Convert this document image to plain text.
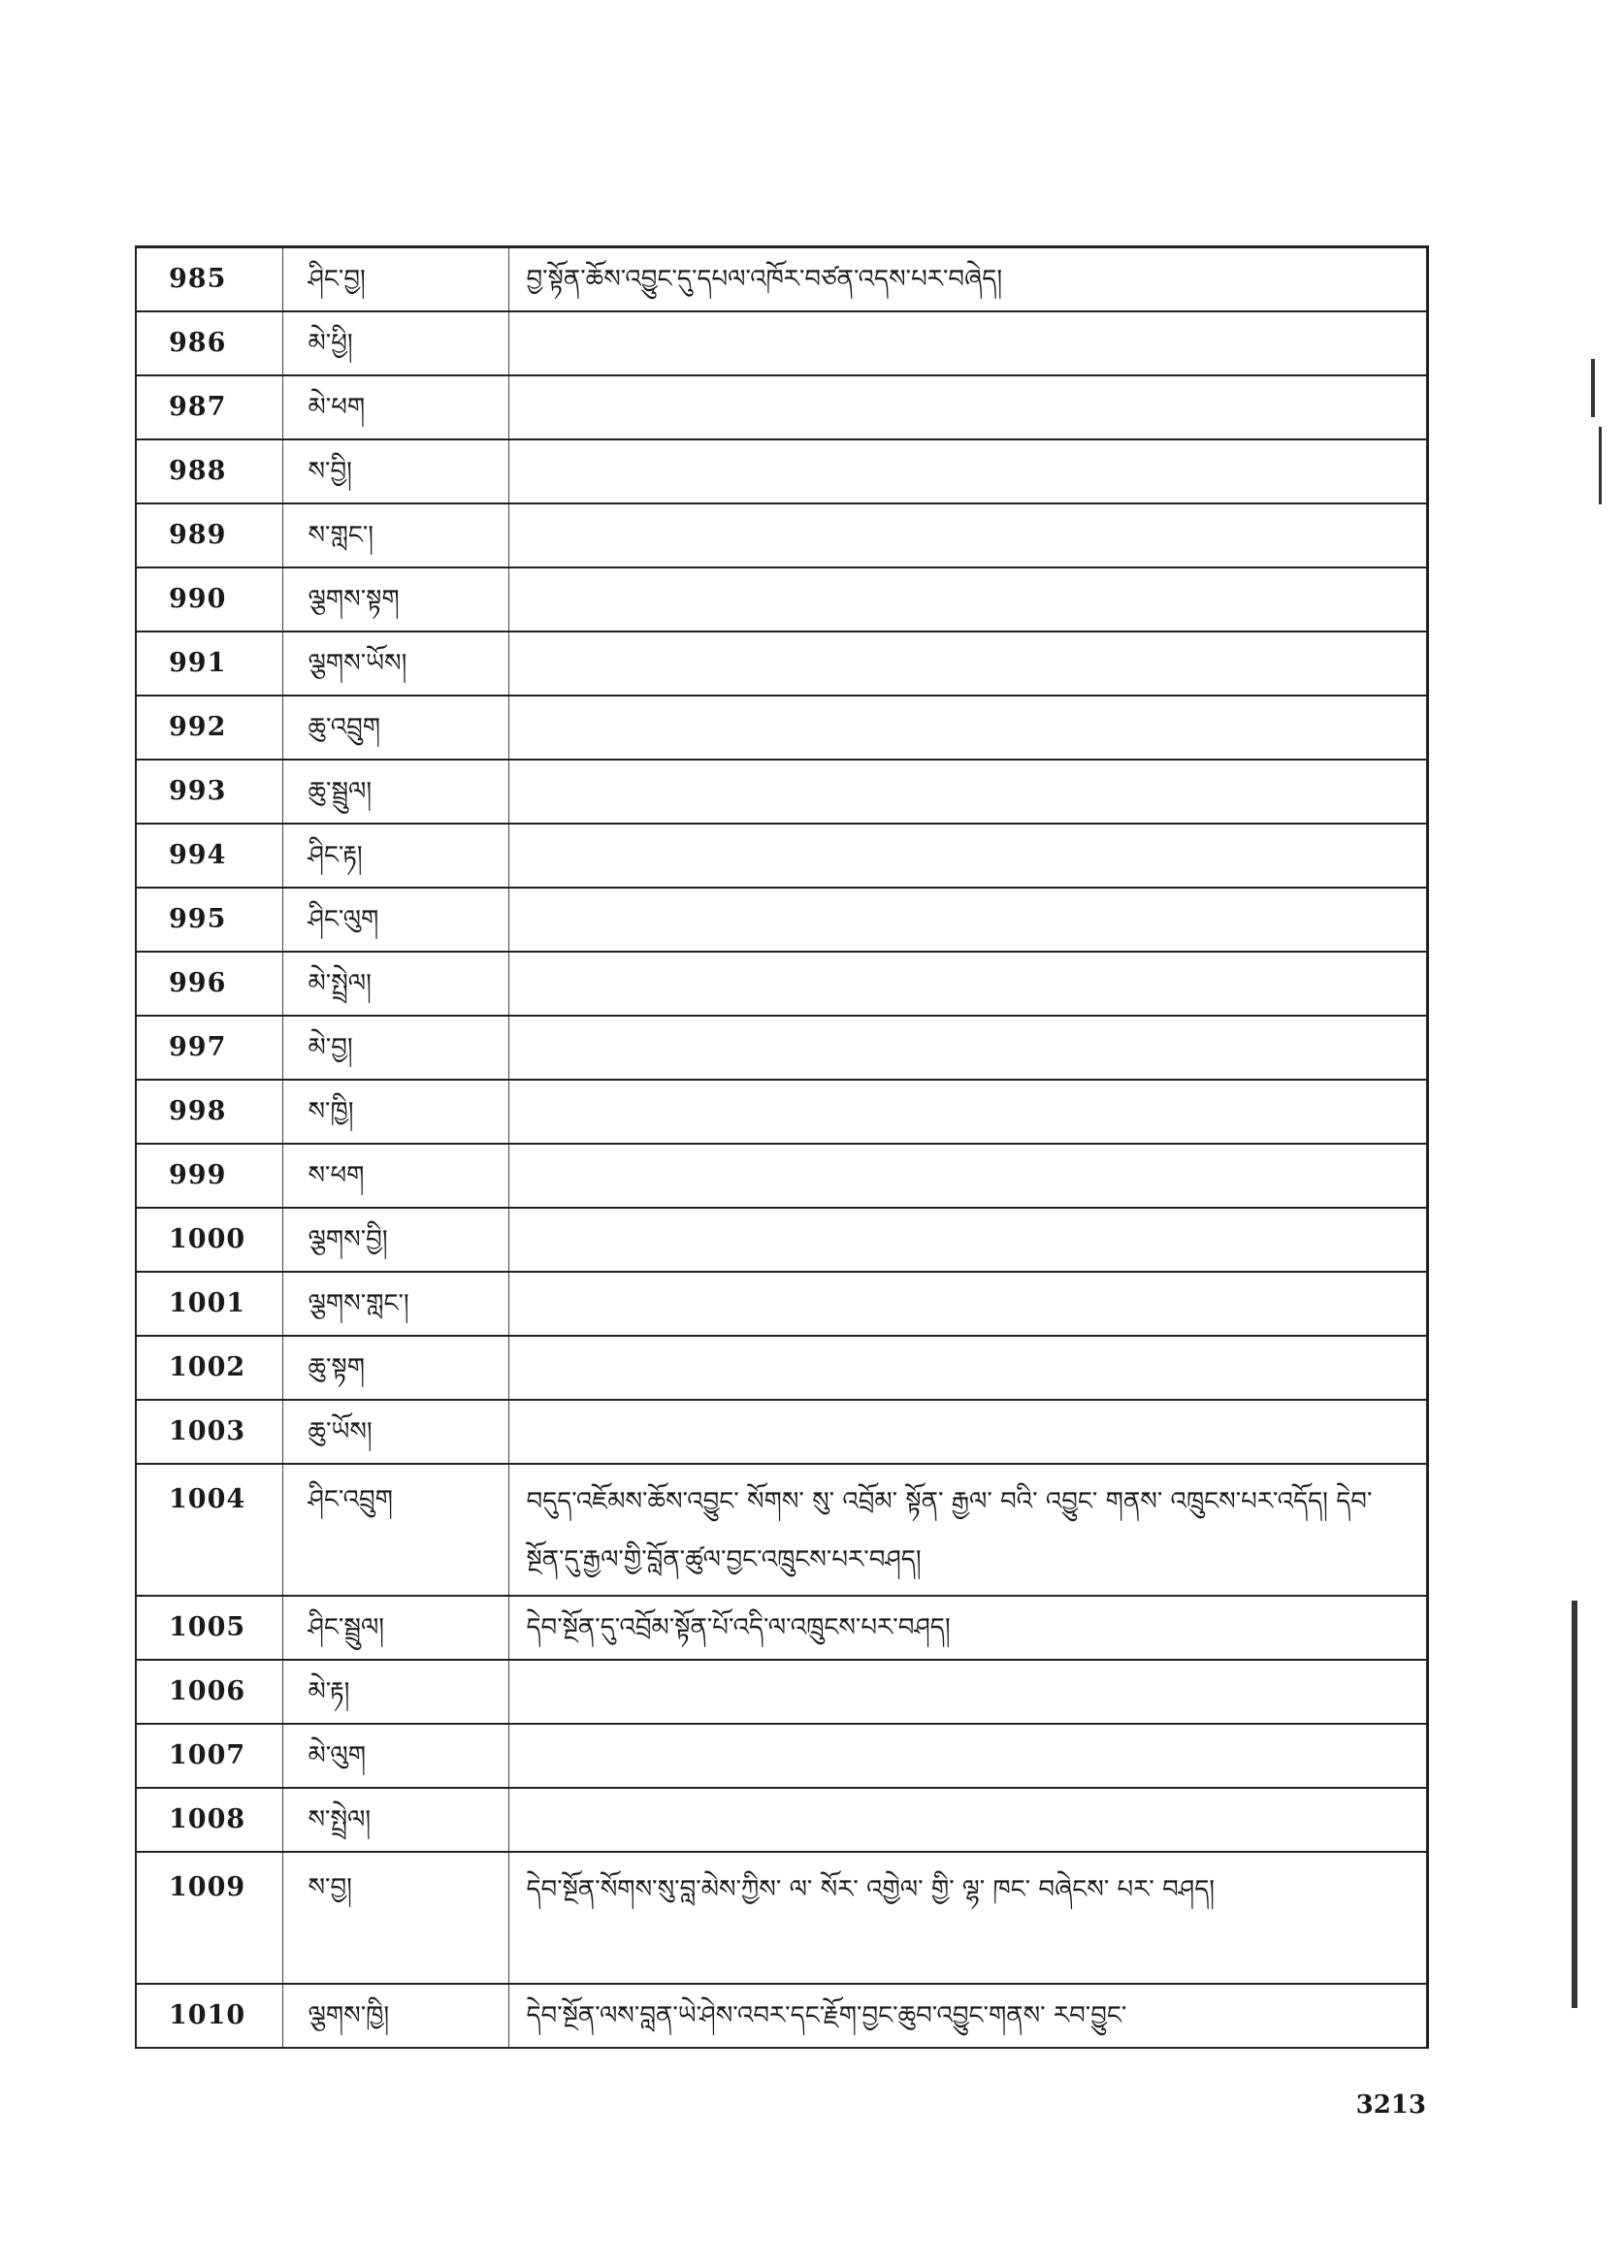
985	ཤིང་བྱ།	བྱ་སྟོན་ཆོས་འབྱུང་དུ་དཔལ་འཁོར་བཙན་འདས་པར་བཞེད།
986	མེ་ཕྱི།	
987	མེ་ཕག	
988	ས་བྱི།	
989	ས་གླང་།	
990	ལྕགས་སྟག	
991	ལྕགས་ཡོས།	
992	ཆུ་འབྲུག	
993	ཆུ་སྦྲུལ།	
994	ཤིང་རྟ།	
995	ཤིང་ལུག	
996	མེ་སྤྲེལ།	
997	མེ་བྱ།	
998	ས་ཁྱི།	
999	ས་ཕག	
1000	ལྕགས་བྱི།	
1001	ལྕགས་གླང་།	
1002	ཆུ་སྟག	
1003	ཆུ་ཡོས།	
1004	ཤིང་འབྲུག	བདུད་འཇོམས་ཆོས་འབྱུང་ སོགས་ སུ་ འབྲོམ་ སྟོན་ རྒྱལ་ བའི་ འབྱུང་ གནས་ འཁྲུངས་པར་འདོད། དེབ་ སྔོན་དུ་རྒྱལ་གྱི་བློན་ཚུལ་བྱང་འཁྲུངས་པར་བཤད།
1005	ཤིང་སྦྲུལ།	དེབ་སྔོན་དུ་འབྲོམ་སྟོན་པོ་འདི་ལ་འཁྲུངས་པར་བཤད།
1006	མེ་རྟ།	
1007	མེ་ལུག	
1008	ས་སྤྲེལ།	
1009	ས་བྱ།	དེབ་སྔོན་སོགས་སུ་བླ་མེས་ཀྱིས་ ལ་ སོར་ འགྱེལ་ གྱི་ ལྷ་ ཁང་ བཞེངས་ པར་ བཤད།
1010	ལྕགས་ཁྱི།	དེབ་སྔོན་ལས་བླན་ཡེ་ཤེས་འབར་དང་རྗོག་བྱང་ཆུབ་འབྱུང་གནས་ རབ་བྱུང་
3213
